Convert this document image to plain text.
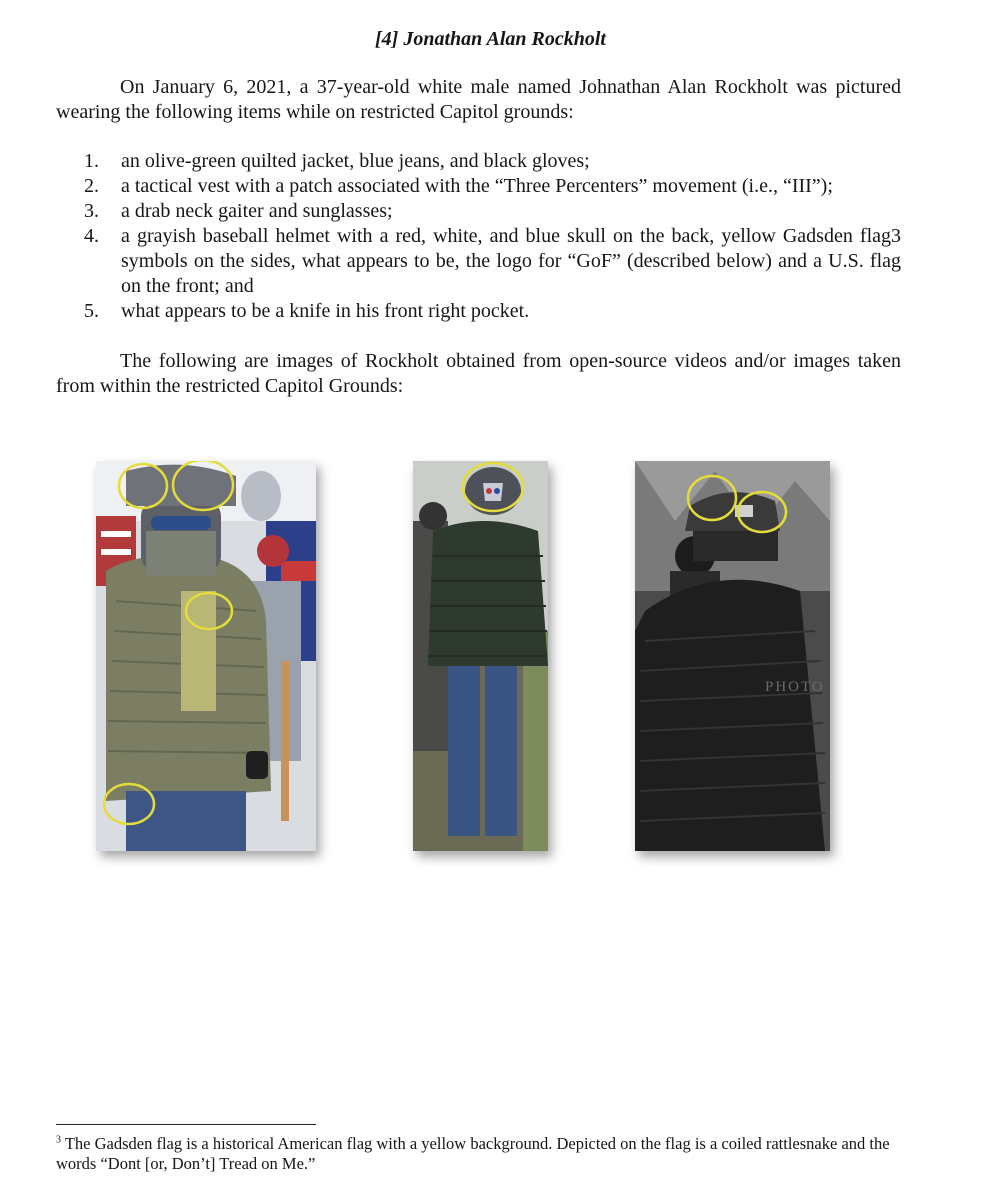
[4] Jonathan Alan Rockholt

On January 6, 2021, a 37-year-old white male named Johnathan Alan Rockholt was pictured wearing the following items while on restricted Capitol grounds:

1.	an olive-green quilted jacket, blue jeans, and black gloves;
2.	a tactical vest with a patch associated with the “Three Percenters” movement (i.e., “III”);
3.	a drab neck gaiter and sunglasses;
4.	a grayish baseball helmet with a red, white, and blue skull on the back, yellow Gadsden flag3 symbols on the sides, what appears to be, the logo for “GoF” (described below) and a U.S. flag on the front; and
5.	what appears to be a knife in his front right pocket.

The following are images of Rockholt obtained from open-source videos and/or images taken from within the restricted Capitol Grounds:

PHOTO

$^3$ The Gadsden flag is a historical American flag with a yellow background. Depicted on the flag is a coiled rattlesnake and the words “Dont [or, Don’t] Tread on Me.”
